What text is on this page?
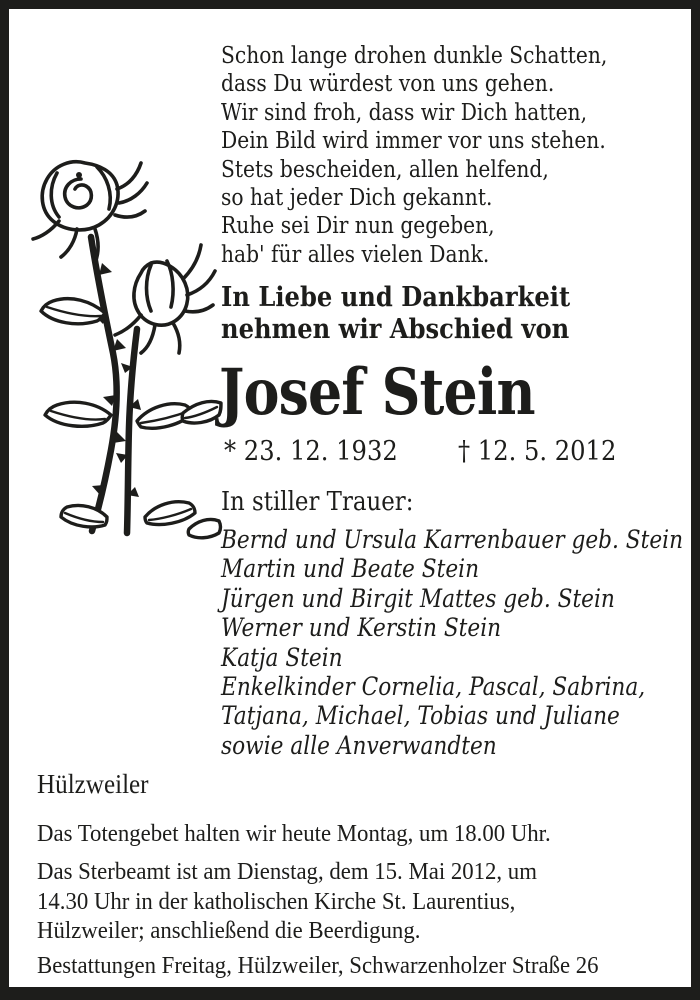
Schon lange drohen dunkle Schatten,
dass Du würdest von uns gehen.
Wir sind froh, dass wir Dich hatten,
Dein Bild wird immer vor uns stehen.
Stets bescheiden, allen helfend,
so hat jeder Dich gekannt.
Ruhe sei Dir nun gegeben,
hab' für alles vielen Dank.
In Liebe und Dankbarkeit
nehmen wir Abschied von
Josef Stein
* 23. 12. 1932 † 12. 5. 2012
In stiller Trauer:
Bernd und Ursula Karrenbauer geb. Stein
Martin und Beate Stein
Jürgen und Birgit Mattes geb. Stein
Werner und Kerstin Stein
Katja Stein
Enkelkinder Cornelia, Pascal, Sabrina,
Tatjana, Michael, Tobias und Juliane
sowie alle Anverwandten
Hülzweiler
Das Totengebet halten wir heute Montag, um 18.00 Uhr.
Das Sterbeamt ist am Dienstag, dem 15. Mai 2012, um
14.30 Uhr in der katholischen Kirche St. Laurentius,
Hülzweiler; anschließend die Beerdigung.
Bestattungen Freitag, Hülzweiler, Schwarzenholzer Straße 26
